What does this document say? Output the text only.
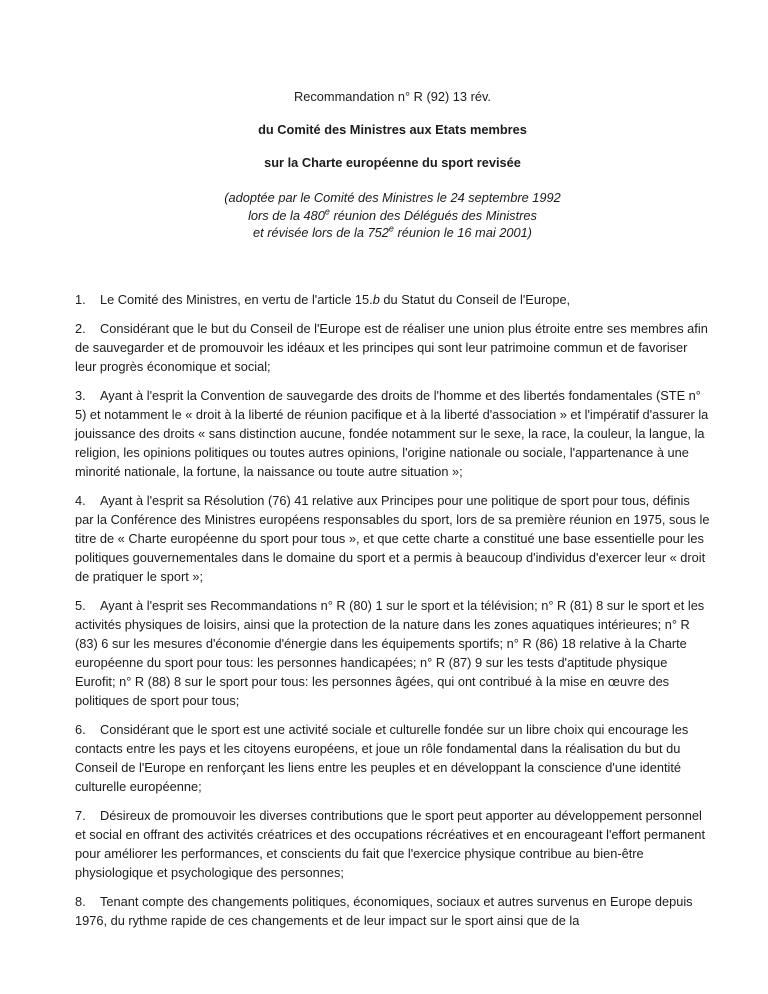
Recommandation n° R (92) 13 rév.

du Comité des Ministres aux Etats membres

sur la Charte européenne du sport revisée

(adoptée par le Comité des Ministres le 24 septembre 1992

lors de la 480e réunion des Délégués des Ministres

et révisée lors de la 752e réunion le 16 mai 2001)

1. Le Comité des Ministres, en vertu de l'article 15.b du Statut du Conseil de l'Europe,

2. Considérant que le but du Conseil de l'Europe est de réaliser une union plus étroite entre ses membres afin de sauvegarder et de promouvoir les idéaux et les principes qui sont leur patrimoine commun et de favoriser leur progrès économique et social;

3. Ayant à l'esprit la Convention de sauvegarde des droits de l'homme et des libertés fondamentales (STE n° 5) et notamment le « droit à la liberté de réunion pacifique et à la liberté d'association » et l'impératif d'assurer la jouissance des droits « sans distinction aucune, fondée notamment sur le sexe, la race, la couleur, la langue, la religion, les opinions politiques ou toutes autres opinions, l'origine nationale ou sociale, l'appartenance à une minorité nationale, la fortune, la naissance ou toute autre situation »;

4. Ayant à l'esprit sa Résolution (76) 41 relative aux Principes pour une politique de sport pour tous, définis par la Conférence des Ministres européens responsables du sport, lors de sa première réunion en 1975, sous le titre de « Charte européenne du sport pour tous », et que cette charte a constitué une base essentielle pour les politiques gouvernementales dans le domaine du sport et a permis à beaucoup d'individus d'exercer leur « droit de pratiquer le sport »;

5. Ayant à l'esprit ses Recommandations n° R (80) 1 sur le sport et la télévision; n° R (81) 8 sur le sport et les activités physiques de loisirs, ainsi que la protection de la nature dans les zones aquatiques intérieures; n° R (83) 6 sur les mesures d'économie d'énergie dans les équipements sportifs; n° R (86) 18 relative à la Charte européenne du sport pour tous: les personnes handicapées; n° R (87) 9 sur les tests d'aptitude physique Eurofit; n° R (88) 8 sur le sport pour tous: les personnes âgées, qui ont contribué à la mise en œuvre des politiques de sport pour tous;

6. Considérant que le sport est une activité sociale et culturelle fondée sur un libre choix qui encourage les contacts entre les pays et les citoyens européens, et joue un rôle fondamental dans la réalisation du but du Conseil de l'Europe en renforçant les liens entre les peuples et en développant la conscience d'une identité culturelle européenne;

7. Désireux de promouvoir les diverses contributions que le sport peut apporter au développement personnel et social en offrant des activités créatrices et des occupations récréatives et en encourageant l'effort permanent pour améliorer les performances, et conscients du fait que l'exercice physique contribue au bien-être physiologique et psychologique des personnes;

8. Tenant compte des changements politiques, économiques, sociaux et autres survenus en Europe depuis 1976, du rythme rapide de ces changements et de leur impact sur le sport ainsi que de la
